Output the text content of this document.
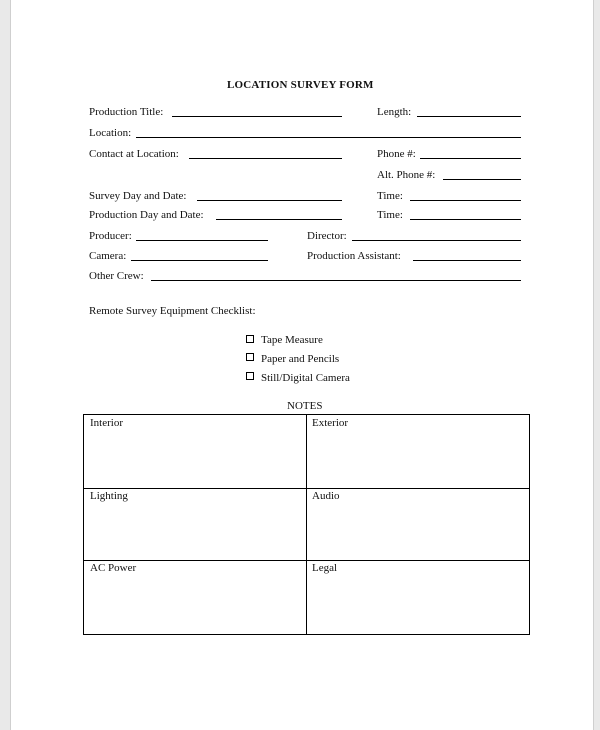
LOCATION SURVEY FORM
Production Title:	Length:
Location:
Contact at Location:	Phone #:
Alt. Phone #:
Survey Day and Date:	Time:
Production Day and Date:	Time:
Producer:	Director:
Camera:	Production Assistant:
Other Crew:
Remote Survey Equipment Checklist:
Tape Measure
Paper and Pencils
Still/Digital Camera
NOTES
Interior	Exterior
Lighting	Audio
AC Power	Legal
